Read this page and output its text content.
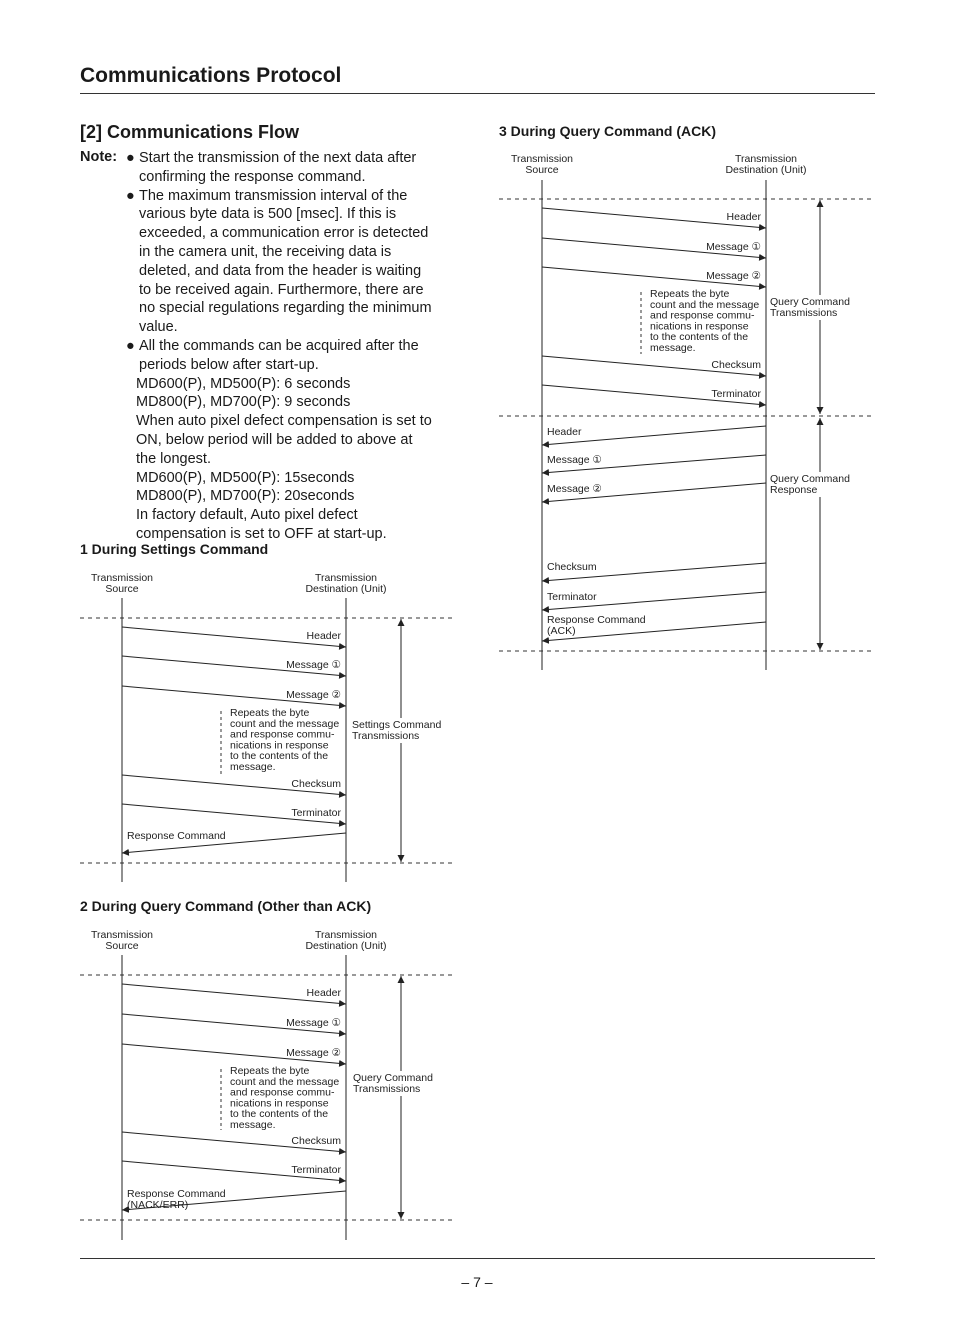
Communications Protocol
[2] Communications Flow
Note: ● Start the transmission of the next data after
confirming the response command.
● The maximum transmission interval of the
various byte data is 500 [msec]. If this is
exceeded, a communication error is detected
in the camera unit, the receiving data is
deleted, and data from the header is waiting
to be received again. Furthermore, there are
no special regulations regarding the minimum
value.
● All the commands can be acquired after the
periods below after start-up.
MD600(P), MD500(P): 6 seconds
MD800(P), MD700(P): 9 seconds
When auto pixel defect compensation is set to
ON, below period will be added to above at
the longest.
MD600(P), MD500(P): 15seconds
MD800(P), MD700(P): 20seconds
In factory default, Auto pixel defect
compensation is set to OFF at start-up.
1 During Settings Command
2 During Query Command (Other than ACK)
3 During Query Command (ACK)
Transmission Source
Transmission Destination (Unit)
Header
Message ①
Message ②
Checksum
Terminator
Repeats the byte count and the message and response commu-nications in response to the contents of the message.
Response Command
Settings Command Transmissions
Transmission Source
Transmission Destination (Unit)
Header
Message ①
Message ②
Checksum
Terminator
Repeats the byte count and the message and response commu-nications in response to the contents of the message.
Response Command (NACK/ERR)
Query Command Transmissions
Transmission Source
Transmission Destination (Unit)
Header
Message ①
Message ②
Checksum
Terminator
Repeats the byte count and the message and response commu-nications in response to the contents of the message.
Header
Message ①
Message ②
Checksum
Terminator
Response Command (ACK)
Query Command Transmissions
Query Command Response
– 7 –
